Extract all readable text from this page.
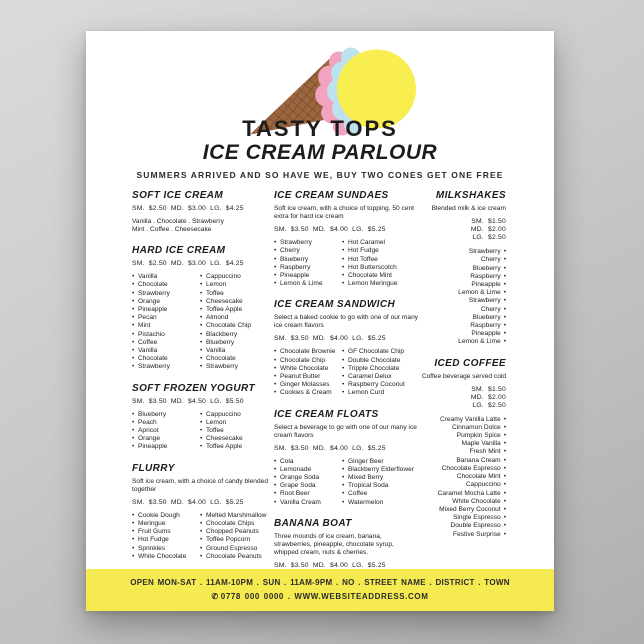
TASTY TOPS
ICE CREAM PARLOUR
SUMMERS ARRIVED AND SO HAVE WE, BUY TWO CONES GET ONE FREE
SOFT ICE CREAM
SM. $2.50 MD. $3.00 LG. $4.25
Vanilla . Chocolate . Strawberry
Mint . Coffee . Cheesecake
HARD ICE CREAM
SM. $2.50 MD. $3.00 LG. $4.25
• Vanilla
• Chocolate
• Strawberry
• Orange
• Pineapple
• Pecan
• Mint
• Pistachio
• Coffee
• Vanilla
• Chocolate
• Strawberry
• Cappuccino
• Lemon
• Toffee
• Cheesecake
• Toffee Apple
• Almond
• Chocolate Chip
• Blackberry
• Blueberry
• Vanilla
• Chocolate
• Strawberry
SOFT FROZEN YOGURT
SM. $3.50 MD. $4.50 LG. $5.50
• Blueberry
• Peach
• Apricot
• Orange
• Pineapple
• Cappuccino
• Lemon
• Toffee
• Cheesecake
• Toffee Apple
FLURRY
Soft ice cream, with a choice of candy blended together
SM. $3.50 MD. $4.00 LG. $5.25
• Cookie Dough
• Meringue
• Fruit Gums
• Hot Fudge
• Sprinkles
• White Chocolate
• Melted Marshmallow
• Chocolate Chips
• Chopped Peanuts
• Toffee Popcorn
• Ground Espresso
• Chocolate Peanuts
ICE CREAM SUNDAES
Soft ice cream, with a choice of topping. 50 cent extra for hard ice cream
SM. $3.50 MD. $4.00 LG. $5.25
• Strawberry
• Cherry
• Blueberry
• Raspberry
• Pineapple
• Lemon & Lime
• Hot Caramel
• Hot Fudge
• Hot Toffee
• Hot Butterscotch
• Chocolate Mint
• Lemon Meringue
ICE CREAM SANDWICH
Select a baked cookie to go with one of our many ice cream flavors
SM. $3.50 MD. $4.00 LG. $5.25
• Chocolate Brownie
• Chocolate Chip
• White Chocolate
• Peanut Butter
• Ginger Molasses
• Cookies & Cream
• GF Chocolate Chip
• Double Chocolate
• Tripple Chocolate
• Caramel Delux
• Raspberry Coconut
• Lemon Curd
ICE CREAM FLOATS
Select a beverage to go with one of our many ice cream flavors
SM. $3.50 MD. $4.00 LG. $5.25
• Cola
• Lemonade
• Orange Soda
• Grape Soda
• Root Beer
• Vanilla Cream
• Ginger Beer
• Blackberry Elderflower
• Mixed Berry
• Tropical Soda
• Coffee
• Watermelon
BANANA BOAT
Three mounds of ice cream, banana, strawberries, pineapple, chocolate syrup, whipped cream, nuts & cherries.
SM. $3.50 MD. $4.00 LG. $5.25
MILKSHAKES
Blended milk & ice cream
SM. $1.50
MD. $2.00
LG. $2.50
Strawberry •
Cherry •
Blueberry •
Raspberry •
Pineapple •
Lemon & Lime •
Strawberry •
Cherry •
Blueberry •
Raspberry •
Pineapple •
Lemon & Lime •
ICED COFFEE
Coffee beverage served cold
SM. $1.50
MD. $2.00
LG. $2.50
Creamy Vanilla Latte •
Cinnamon Dolce •
Pumpkin Spice •
Maple Vanilla •
Fresh Mint •
Banana Cream •
Chocolate Espresso •
Chocolate Mint •
Cappuccino •
Caramel Mocha Latte •
White Chocolate •
Mixed Berry Coconut •
Single Espresso •
Double Espresso •
Festive Surprise •
OPEN MON-SAT . 11AM-10PM . SUN . 11AM-9PM . NO . STREET NAME . DISTRICT . TOWN
✆ 0778 000 0000 . WWW.WEBSITEADDRESS.COM
